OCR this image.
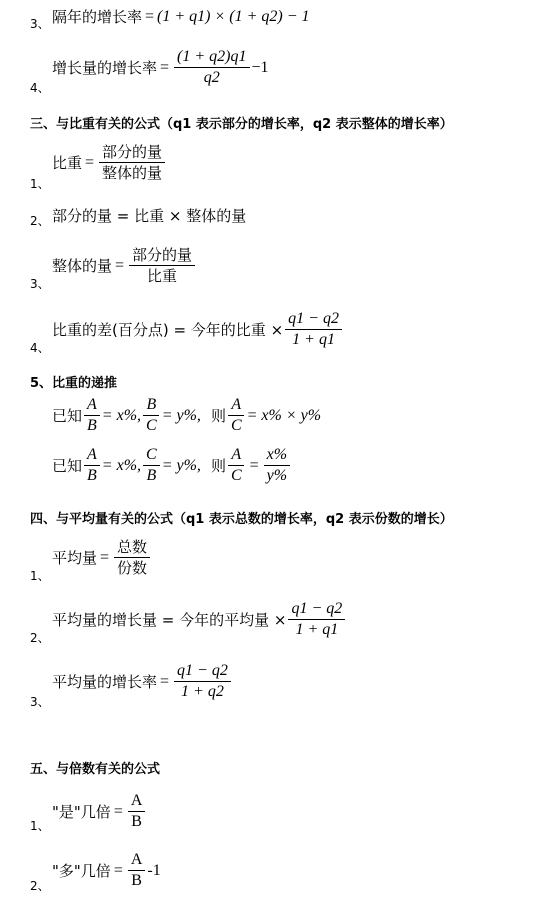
3、 隔年的增长率 = (1 + q1) × (1 + q2) − 1
4、
增长量的增长率 = $\frac{(1 + q2)q1}{q2} -1$
三、与比重有关的公式（q1 表示部分的增长率，q2 表示整体的增长率）
1、
比重 = $\frac{\text{部分的量}}{\text{整体的量}}$
2、 部分的量 = 比重 × 整体的量
3、
整体的量 = $\frac{\text{部分的量}}{\text{比重}}$
4、
比重的差(百分点) = 今年的比重 × $\frac{q1 - q2}{1 + q1}$
5、比重的递推
已知 $\frac{A}{B} = x\%$, $\frac{B}{C} = y\%$, 则 $\frac{A}{C} = x\% \times y\%$
已知 $\frac{A}{B} = x\%$, $\frac{C}{B} = y\%$, 则 $\frac{A}{C} = \frac{x\%}{y\%}$
四、与平均量有关的公式（q1 表示总数的增长率，q2 表示份数的增长）
1、
平均量 = $\frac{\text{总数}}{\text{份数}}$
2、
平均量的增长量 = 今年的平均量 × $\frac{q1 - q2}{1 + q1}$
3、
平均量的增长率 = $\frac{q1 - q2}{1 + q2}$
五、与倍数有关的公式
1、
"是"几倍 = $\frac{A}{B}$
2、
"多"几倍 = $\frac{A}{B} -1$
